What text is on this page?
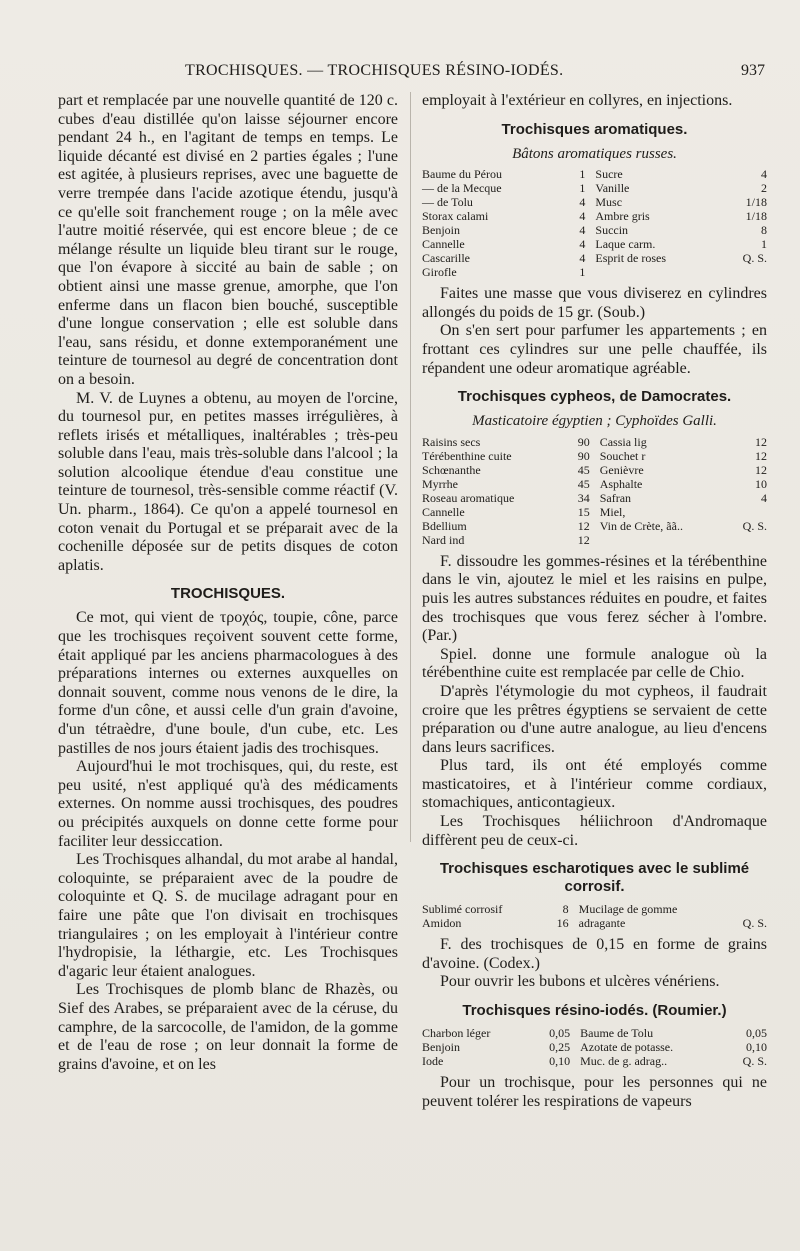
TROCHISQUES. — TROCHISQUES RÉSINO-IODÉS.	937

part et remplacée par une nouvelle quantité de 120 c. cubes d'eau distillée qu'on laisse séjourner encore pendant 24 h., en l'agitant de temps en temps. Le liquide décanté est divisé en 2 parties égales ; l'une est agitée, à plusieurs reprises, avec une baguette de verre trempée dans l'acide azotique étendu, jusqu'à ce qu'elle soit franchement rouge ; on la mêle avec l'autre moitié réservée, qui est encore bleue ; de ce mélange résulte un liquide bleu tirant sur le rouge, que l'on évapore à siccité au bain de sable ; on obtient ainsi une masse grenue, amorphe, que l'on enferme dans un flacon bien bouché, susceptible d'une longue conservation ; elle est soluble dans l'eau, sans résidu, et donne extemporanément une teinture de tournesol au degré de concentration dont on a besoin.

M. V. de Luynes a obtenu, au moyen de l'orcine, du tournesol pur, en petites masses irrégulières, à reflets irisés et métalliques, inaltérables ; très-peu soluble dans l'eau, mais très-soluble dans l'alcool ; la solution alcoolique étendue d'eau constitue une teinture de tournesol, très-sensible comme réactif (V. Un. pharm., 1864). Ce qu'on a appelé tournesol en coton venait du Portugal et se préparait avec de la cochenille déposée sur de petits disques de coton aplatis.

TROCHISQUES.

Ce mot, qui vient de τροχός, toupie, cône, parce que les trochisques reçoivent souvent cette forme, était appliqué par les anciens pharmacologues à des préparations internes ou externes auxquelles on donnait souvent, comme nous venons de le dire, la forme d'un cône, et aussi celle d'un grain d'avoine, d'un tétraèdre, d'une boule, d'un cube, etc. Les pastilles de nos jours étaient jadis des trochisques.

Aujourd'hui le mot trochisques, qui, du reste, est peu usité, n'est appliqué qu'à des médicaments externes. On nomme aussi trochisques, des poudres ou précipités auxquels on donne cette forme pour faciliter leur dessiccation.

Les Trochisques alhandal, du mot arabe al handal, coloquinte, se préparaient avec de la poudre de coloquinte et Q. S. de mucilage adragant pour en faire une pâte que l'on divisait en trochisques triangulaires ; on les employait à l'intérieur contre l'hydropisie, la léthargie, etc. Les Trochisques d'agaric leur étaient analogues.

Les Trochisques de plomb blanc de Rhazès, ou Sief des Arabes, se préparaient avec de la céruse, du camphre, de la sarcocolle, de l'amidon, de la gomme et de l'eau de rose ; on leur donnait la forme de grains d'avoine, et on les

employait à l'extérieur en collyres, en injections.

Trochisques aromatiques.
Bâtons aromatiques russes.
Baume du Pérou	1	Sucre	4
— de la Mecque	1	Vanille	2
— de Tolu	4	Musc	1/18
Storax calami	4	Ambre gris	1/18
Benjoin	4	Succin	8
Cannelle	4	Laque carm.	1
Cascarille	4	Esprit de roses	Q. S.
Girofle	1		

Faites une masse que vous diviserez en cylindres allongés du poids de 15 gr. (Soub.)

On s'en sert pour parfumer les appartements ; en frottant ces cylindres sur une pelle chauffée, ils répandent une odeur aromatique agréable.

Trochisques cypheos, de Damocrates.
Masticatoire égyptien ; Cyphoïdes Galli.
Raisins secs	90	Cassia lig	12
Térébenthine cuite	90	Souchet r	12
Schœnanthe	45	Genièvre	12
Myrrhe	45	Asphalte	10
Roseau aromatique	34	Safran	4
Cannelle	15	Miel,	
Bdellium	12	Vin de Crète, ãã..	Q. S.
Nard ind	12		

F. dissoudre les gommes-résines et la térébenthine dans le vin, ajoutez le miel et les raisins en pulpe, puis les autres substances réduites en poudre, et faites des trochisques que vous ferez sécher à l'ombre. (Par.)

Spiel. donne une formule analogue où la térébenthine cuite est remplacée par celle de Chio.

D'après l'étymologie du mot cypheos, il faudrait croire que les prêtres égyptiens se servaient de cette préparation ou d'une autre analogue, au lieu d'encens dans leurs sacrifices.

Plus tard, ils ont été employés comme masticatoires, et à l'intérieur comme cordiaux, stomachiques, anticontagieux.

Les Trochisques héliichroon d'Andromaque diffèrent peu de ceux-ci.

Trochisques escharotiques avec le sublimé corrosif.
Sublimé corrosif	8	Mucilage de gomme	
Amidon	16	adragante	Q. S.

F. des trochisques de 0,15 en forme de grains d'avoine. (Codex.)

Pour ouvrir les bubons et ulcères vénériens.

Trochisques résino-iodés. (Roumier.)
Charbon léger	0,05	Baume de Tolu	0,05
Benjoin	0,25	Azotate de potasse.	0,10
Iode	0,10	Muc. de g. adrag..	Q. S.

Pour un trochisque, pour les personnes qui ne peuvent tolérer les respirations de vapeurs
